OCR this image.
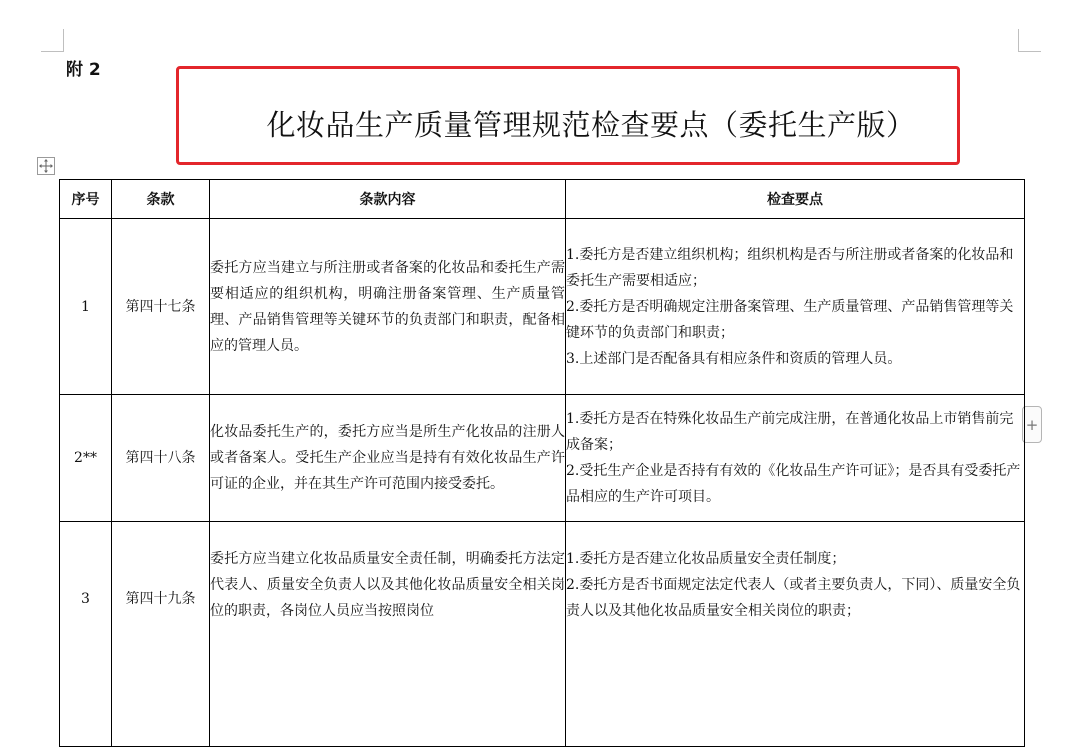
附 2
化妆品生产质量管理规范检查要点（委托生产版）
+
序号	条款	条款内容	检查要点
1	第四十七条	委托方应当建立与所注册或者备案的化妆品和委托生产需要相适应的组织机构，明确注册备案管理、生产质量管理、产品销售管理等关键环节的负责部门和职责，配备相应的管理人员。	1.委托方是否建立组织机构；组织机构是否与所注册或者备案的化妆品和委托生产需要相适应；
2.委托方是否明确规定注册备案管理、生产质量管理、产品销售管理等关键环节的负责部门和职责；
3.上述部门是否配备具有相应条件和资质的管理人员。

2**	第四十八条	化妆品委托生产的，委托方应当是所生产化妆品的注册人或者备案人。受托生产企业应当是持有有效化妆品生产许可证的企业，并在其生产许可范围内接受委托。	1.委托方是否在特殊化妆品生产前完成注册，在普通化妆品上市销售前完成备案；
2.受托生产企业是否持有有效的《化妆品生产许可证》；是否具有受委托产品相应的生产许可项目。

3	第四十九条	委托方应当建立化妆品质量安全责任制，明确委托方法定代表人、质量安全负责人以及其他化妆品质量安全相关岗位的职责，各岗位人员应当按照岗位	1.委托方是否建立化妆品质量安全责任制度；
2.委托方是否书面规定法定代表人（或者主要负责人，下同）、质量安全负责人以及其他化妆品质量安全相关岗位的职责；
